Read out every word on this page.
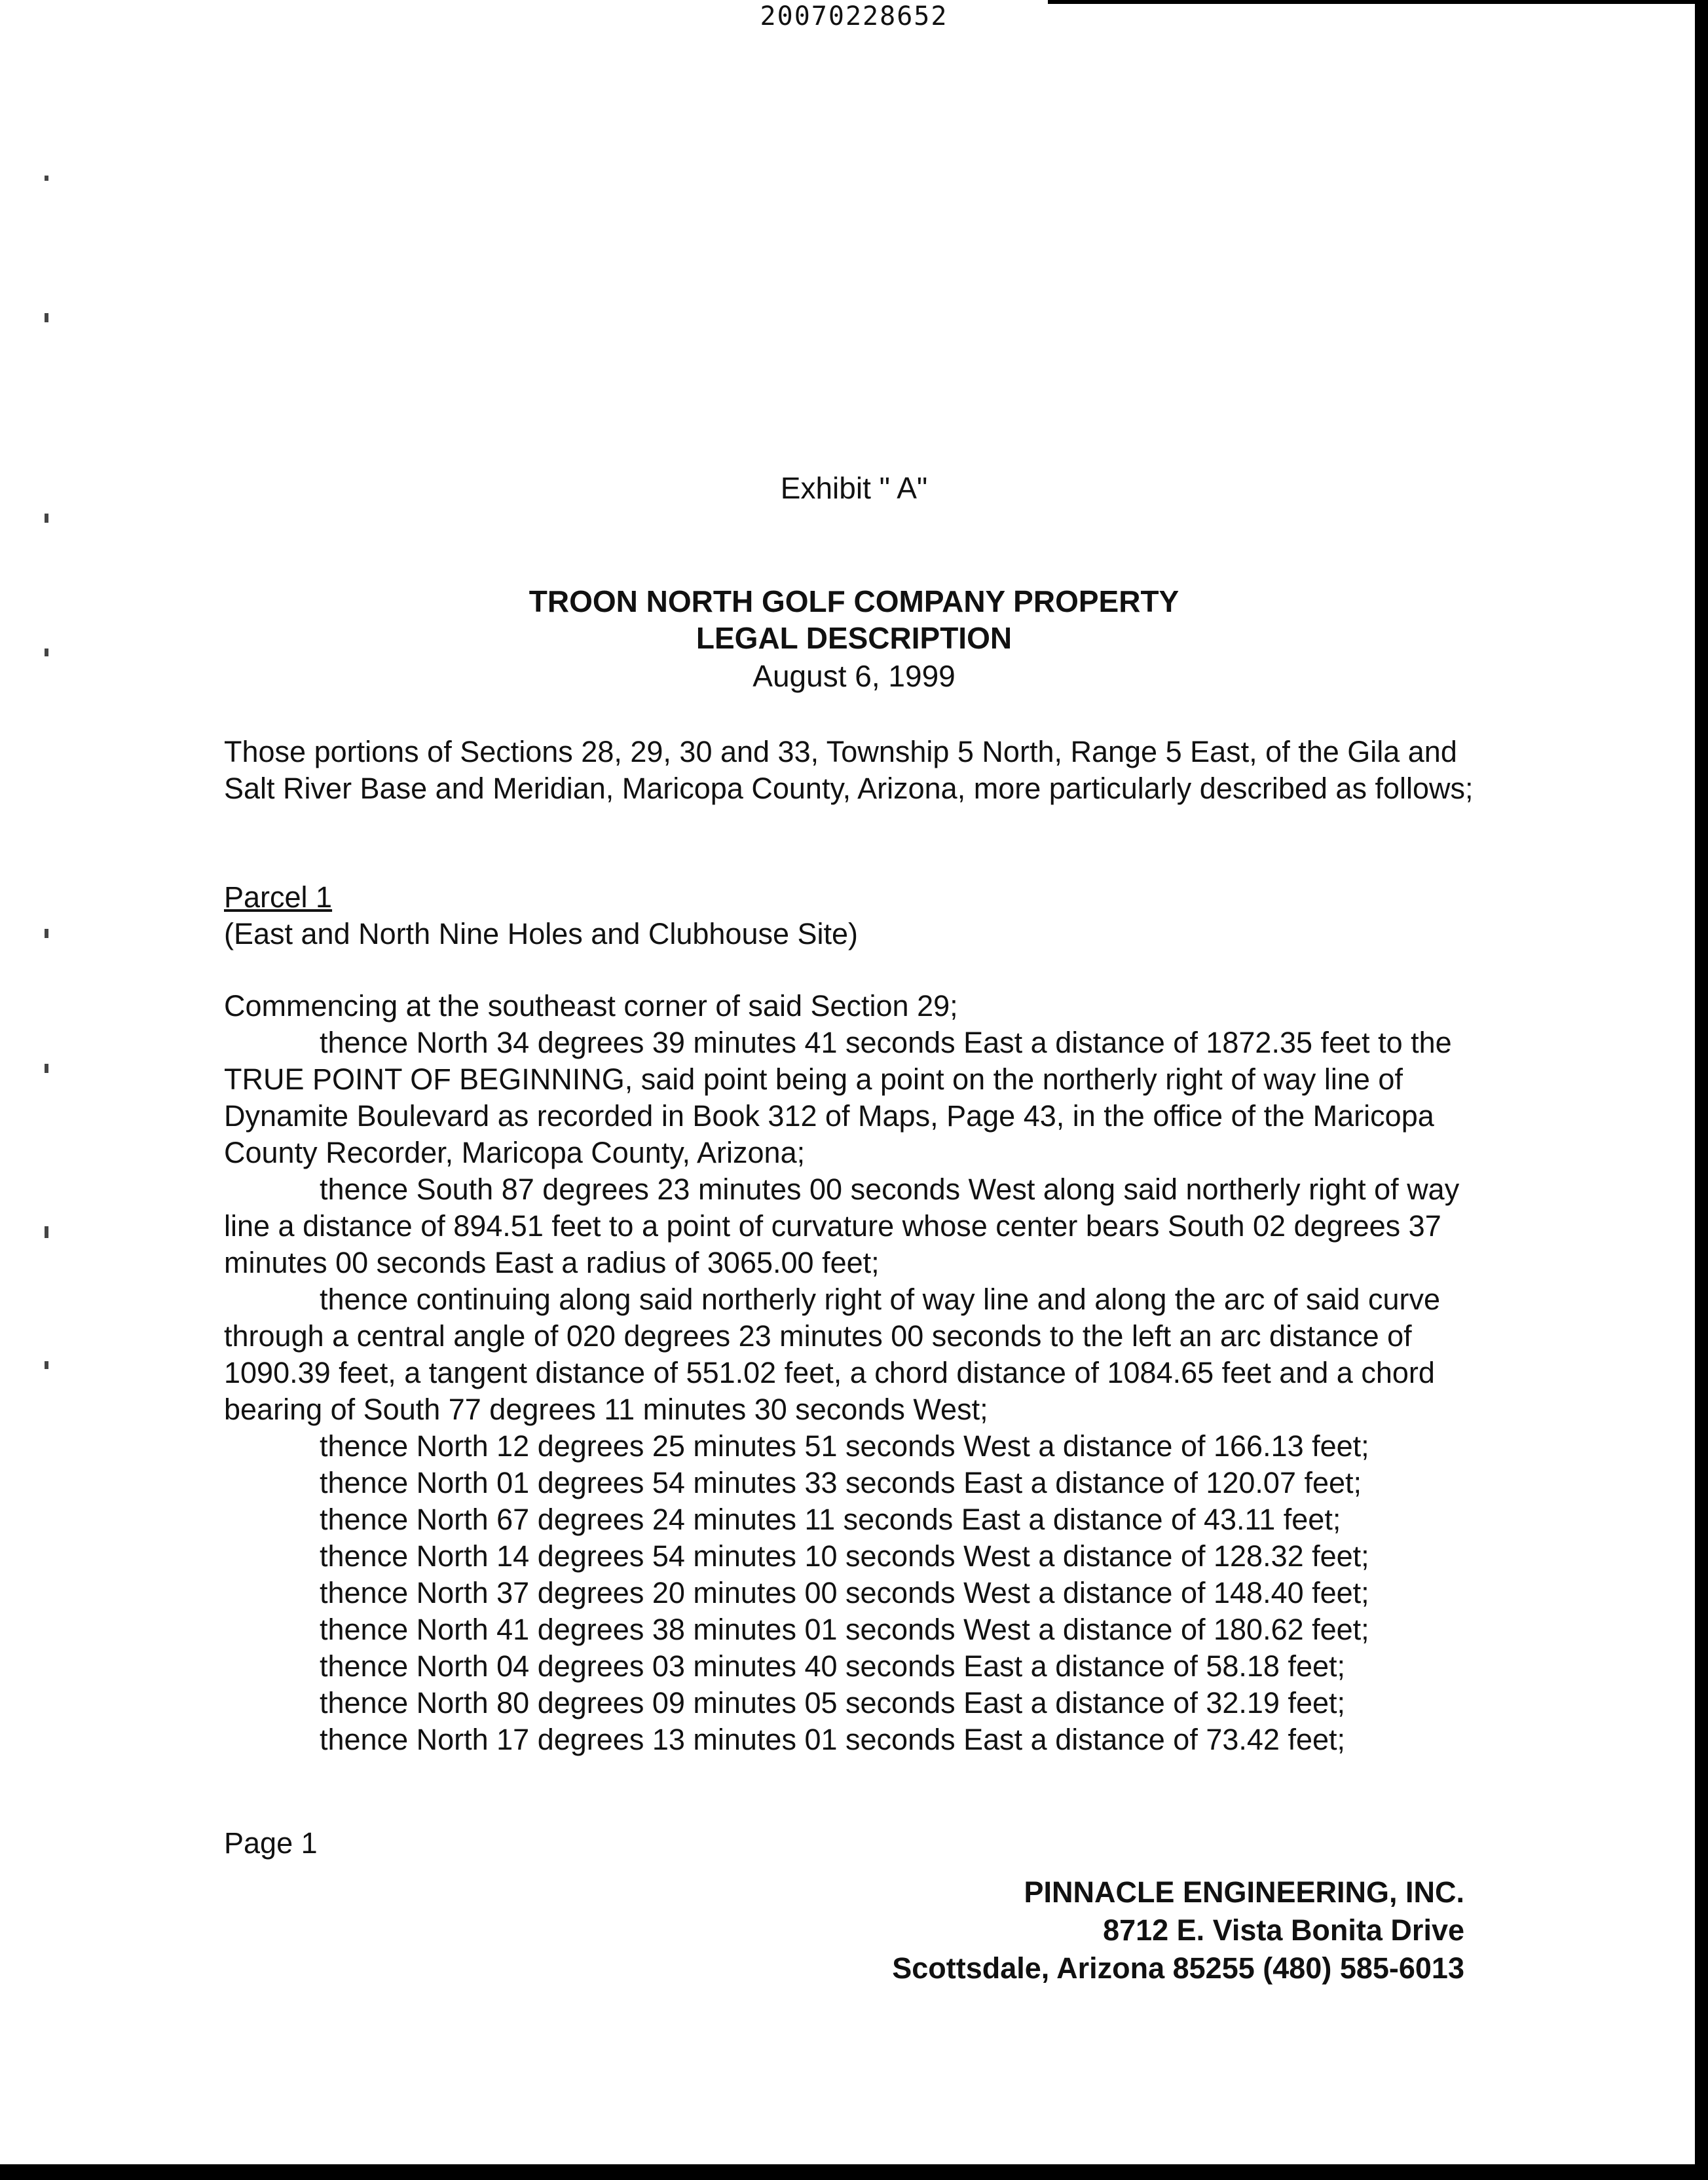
20070228652
Exhibit " A"
TROON NORTH GOLF COMPANY PROPERTY
LEGAL DESCRIPTION
August 6, 1999

Those portions of Sections 28, 29, 30 and 33, Township 5 North, Range 5 East, of the Gila and Salt River Base and Meridian, Maricopa County, Arizona, more particularly described as follows;

Parcel 1
(East and North Nine Holes and Clubhouse Site)

Commencing at the southeast corner of said Section 29;

thence North 34 degrees 39 minutes 41 seconds East a distance of 1872.35 feet to the TRUE POINT OF BEGINNING, said point being a point on the northerly right of way line of Dynamite Boulevard as recorded in Book 312 of Maps, Page 43, in the office of the Maricopa County Recorder, Maricopa County, Arizona;

thence South 87 degrees 23 minutes 00 seconds West along said northerly right of way line a distance of 894.51 feet to a point of curvature whose center bears South 02 degrees 37 minutes 00 seconds East a radius of 3065.00 feet;

thence continuing along said northerly right of way line and along the arc of said curve through a central angle of 020 degrees 23 minutes 00 seconds to the left an arc distance of 1090.39 feet, a tangent distance of 551.02 feet, a chord distance of 1084.65 feet and a chord bearing of South 77 degrees 11 minutes 30 seconds West;

thence North 12 degrees 25 minutes 51 seconds West a distance of 166.13 feet;

thence North 01 degrees 54 minutes 33 seconds East a distance of 120.07 feet;

thence North 67 degrees 24 minutes 11 seconds East a distance of 43.11 feet;

thence North 14 degrees 54 minutes 10 seconds West a distance of 128.32 feet;

thence North 37 degrees 20 minutes 00 seconds West a distance of 148.40 feet;

thence North 41 degrees 38 minutes 01 seconds West a distance of 180.62 feet;

thence North 04 degrees 03 minutes 40 seconds East a distance of 58.18 feet;

thence North 80 degrees 09 minutes 05 seconds East a distance of 32.19 feet;

thence North 17 degrees 13 minutes 01 seconds East a distance of 73.42 feet;

Page 1
PINNACLE ENGINEERING, INC.
8712 E. Vista Bonita Drive
Scottsdale, Arizona 85255 (480) 585-6013
